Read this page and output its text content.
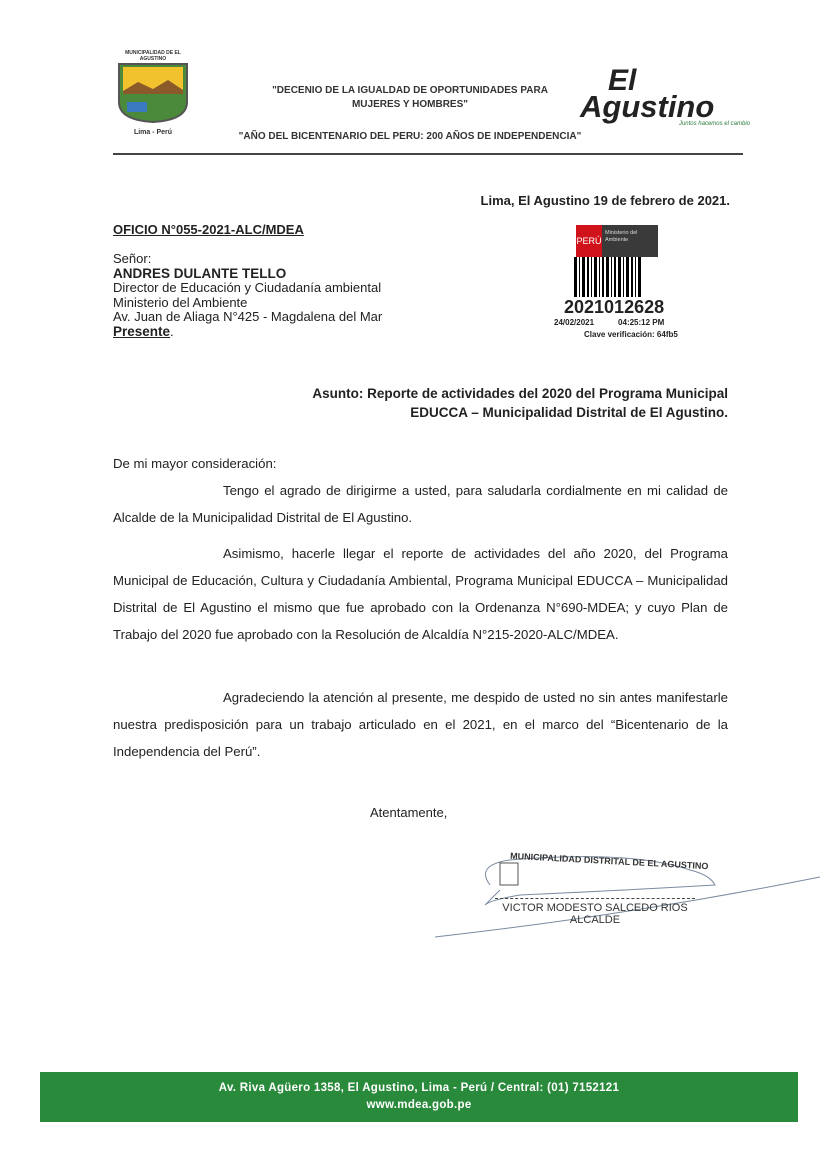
MUNICIPALIDAD DE EL AGUSTINO
Lima - Perú
"DECENIO DE LA IGUALDAD DE OPORTUNIDADES PARA
MUJERES Y HOMBRES"
"AÑO DEL BICENTENARIO DEL PERU: 200 AÑOS DE INDEPENDENCIA"
El
Agustino
Juntos hacemos el cambio
Lima, El Agustino 19 de febrero de 2021.
OFICIO N°055-2021-ALC/MDEA
Señor:
ANDRES DULANTE TELLO
Director de Educación y Ciudadanía ambiental
Ministerio del Ambiente
Av. Juan de Aliaga N°425 - Magdalena del Mar
Presente.
PERÚ
Ministerio del Ambiente
2021012628
24/02/2021	04:25:12 PM
Clave verificación: 64fb5
Asunto: Reporte de actividades del 2020 del Programa Municipal
EDUCCA – Municipalidad Distrital de El Agustino.
De mi mayor consideración:
Tengo el agrado de dirigirme a usted, para saludarla cordialmente en mi calidad de Alcalde de la Municipalidad Distrital de El Agustino.
Asimismo, hacerle llegar el reporte de actividades del año 2020, del Programa Municipal de Educación, Cultura y Ciudadanía Ambiental, Programa Municipal EDUCCA – Municipalidad Distrital de El Agustino el mismo que fue aprobado con la Ordenanza N°690-MDEA; y cuyo Plan de Trabajo del 2020 fue aprobado con la Resolución de Alcaldía N°215-2020-ALC/MDEA.
Agradeciendo la atención al presente, me despido de usted no sin antes manifestarle nuestra predisposición para un trabajo articulado en el 2021, en el marco del “Bicentenario de la Independencia del Perú”.
Atentamente,
MUNICIPALIDAD DISTRITAL DE EL AGUSTINO
VICTOR MODESTO SALCEDO RIOS
ALCALDE
Av. Riva Agüero 1358, El Agustino, Lima - Perú / Central: (01) 7152121
www.mdea.gob.pe
